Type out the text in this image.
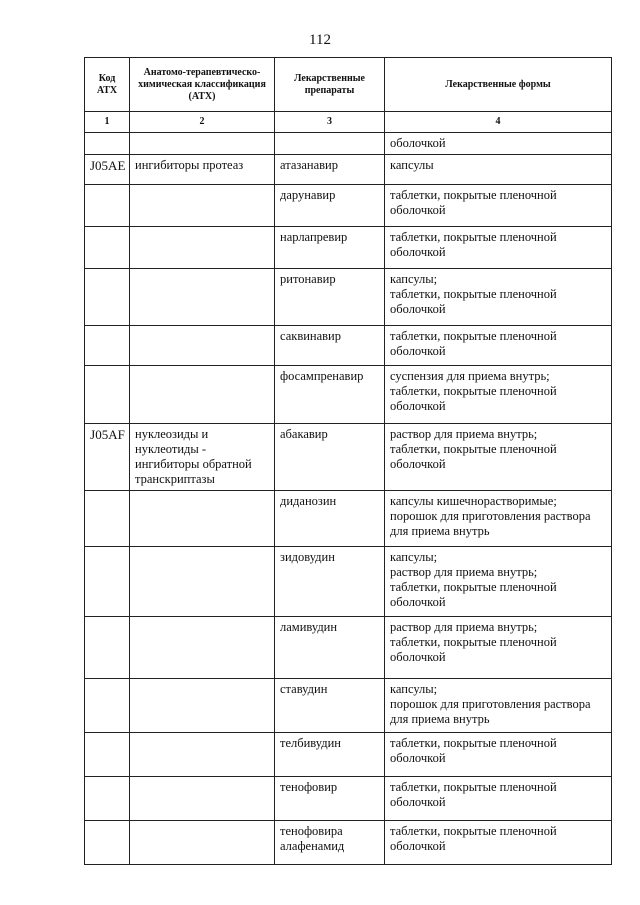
112
Код АТХ	Анатомо-терапевтическо-химическая классификация (АТХ)	Лекарственные препараты	Лекарственные формы
1	2	3	4
			оболочкой
J05AE	ингибиторы протеаз	атазанавир	капсулы
		дарунавир	таблетки, покрытые пленочной оболочкой
		нарлапревир	таблетки, покрытые пленочной оболочкой
		ритонавир	капсулы;
таблетки, покрытые пленочной оболочкой
		саквинавир	таблетки, покрытые пленочной оболочкой
		фосампренавир	суспензия для приема внутрь;
таблетки, покрытые пленочной оболочкой
J05AF	нуклеозиды и нуклеотиды - ингибиторы обратной транскриптазы	абакавир	раствор для приема внутрь;
таблетки, покрытые пленочной оболочкой
		диданозин	капсулы кишечнорастворимые;
порошок для приготовления раствора для приема внутрь
		зидовудин	капсулы;
раствор для приема внутрь;
таблетки, покрытые пленочной оболочкой
		ламивудин	раствор для приема внутрь;
таблетки, покрытые пленочной оболочкой
		ставудин	капсулы;
порошок для приготовления раствора для приема внутрь
		телбивудин	таблетки, покрытые пленочной оболочкой
		тенофовир	таблетки, покрытые пленочной оболочкой
		тенофовира алафенамид	таблетки, покрытые пленочной оболочкой
